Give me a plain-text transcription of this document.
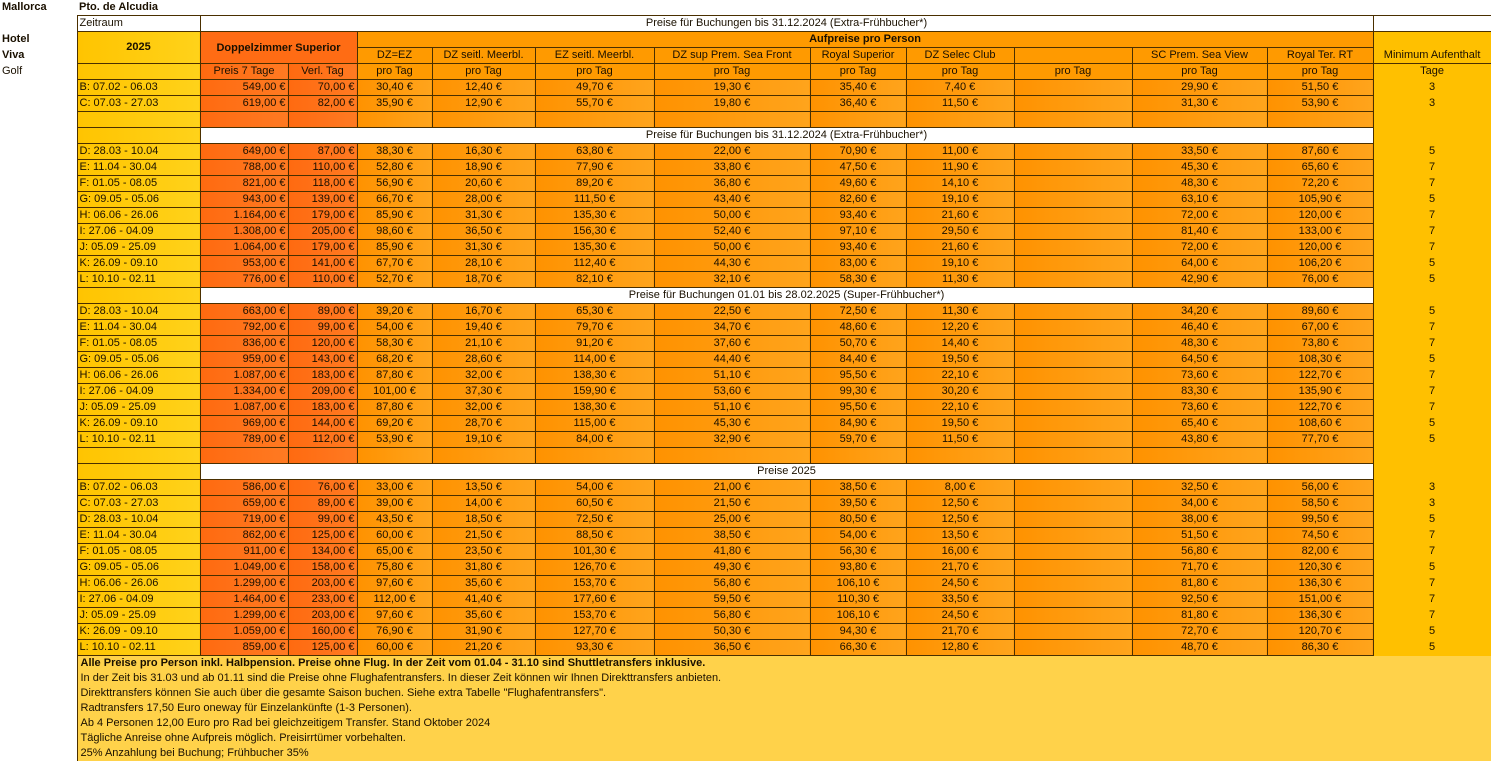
Mallorca	Pto. de Alcudia												
	Zeitraum	Preise für Buchungen bis 31.12.2024 (Extra-Frühbucher*)											
Hotel	2025	Doppelzimmer Superior		Aufpreise pro Person									Minimum Aufenthalt
Viva				DZ=EZ	DZ seitl. Meerbl.	EZ seitl. Meerbl.	DZ sup Prem. Sea Front	Royal Superior	DZ Selec Club		SC Prem. Sea View	Royal Ter. RT	
Golf		Preis 7 Tage	Verl. Tag	pro Tag	pro Tag	pro Tag	pro Tag	pro Tag	pro Tag	pro Tag	pro Tag	pro Tag	Tage
	B: 07.02 - 06.03	549,00 €	70,00 €	30,40 €	12,40 €	49,70 €	19,30 €	35,40 €	7,40 €		29,90 €	51,50 €	3
	C: 07.03 - 27.03	619,00 €	82,00 €	35,90 €	12,90 €	55,70 €	19,80 €	36,40 €	11,50 €		31,30 €	53,90 €	3

		Preise für Buchungen bis 31.12.2024 (Extra-Frühbucher*)											
	D: 28.03 - 10.04	649,00 €	87,00 €	38,30 €	16,30 €	63,80 €	22,00 €	70,90 €	11,00 €		33,50 €	87,60 €	5
	E: 11.04 - 30.04	788,00 €	110,00 €	52,80 €	18,90 €	77,90 €	33,80 €	47,50 €	11,90 €		45,30 €	65,60 €	7
	F: 01.05 - 08.05	821,00 €	118,00 €	56,90 €	20,60 €	89,20 €	36,80 €	49,60 €	14,10 €		48,30 €	72,20 €	7
	G: 09.05 - 05.06	943,00 €	139,00 €	66,70 €	28,00 €	111,50 €	43,40 €	82,60 €	19,10 €		63,10 €	105,90 €	5
	H: 06.06 - 26.06	1.164,00 €	179,00 €	85,90 €	31,30 €	135,30 €	50,00 €	93,40 €	21,60 €		72,00 €	120,00 €	7
	I: 27.06 - 04.09	1.308,00 €	205,00 €	98,60 €	36,50 €	156,30 €	52,40 €	97,10 €	29,50 €		81,40 €	133,00 €	7
	J: 05.09 - 25.09	1.064,00 €	179,00 €	85,90 €	31,30 €	135,30 €	50,00 €	93,40 €	21,60 €		72,00 €	120,00 €	7
	K: 26.09 - 09.10	953,00 €	141,00 €	67,70 €	28,10 €	112,40 €	44,30 €	83,00 €	19,10 €		64,00 €	106,20 €	5
	L: 10.10 - 02.11	776,00 €	110,00 €	52,70 €	18,70 €	82,10 €	32,10 €	58,30 €	11,30 €		42,90 €	76,00 €	5
		Preise für Buchungen 01.01 bis 28.02.2025 (Super-Frühbucher*)											
	D: 28.03 - 10.04	663,00 €	89,00 €	39,20 €	16,70 €	65,30 €	22,50 €	72,50 €	11,30 €		34,20 €	89,60 €	5
	E: 11.04 - 30.04	792,00 €	99,00 €	54,00 €	19,40 €	79,70 €	34,70 €	48,60 €	12,20 €		46,40 €	67,00 €	7
	F: 01.05 - 08.05	836,00 €	120,00 €	58,30 €	21,10 €	91,20 €	37,60 €	50,70 €	14,40 €		48,30 €	73,80 €	7
	G: 09.05 - 05.06	959,00 €	143,00 €	68,20 €	28,60 €	114,00 €	44,40 €	84,40 €	19,50 €		64,50 €	108,30 €	5
	H: 06.06 - 26.06	1.087,00 €	183,00 €	87,80 €	32,00 €	138,30 €	51,10 €	95,50 €	22,10 €		73,60 €	122,70 €	7
	I: 27.06 - 04.09	1.334,00 €	209,00 €	101,00 €	37,30 €	159,90 €	53,60 €	99,30 €	30,20 €		83,30 €	135,90 €	7
	J: 05.09 - 25.09	1.087,00 €	183,00 €	87,80 €	32,00 €	138,30 €	51,10 €	95,50 €	22,10 €		73,60 €	122,70 €	7
	K: 26.09 - 09.10	969,00 €	144,00 €	69,20 €	28,70 €	115,00 €	45,30 €	84,90 €	19,50 €		65,40 €	108,60 €	5
	L: 10.10 - 02.11	789,00 €	112,00 €	53,90 €	19,10 €	84,00 €	32,90 €	59,70 €	11,50 €		43,80 €	77,70 €	5

		Preise 2025											
	B: 07.02 - 06.03	586,00 €	76,00 €	33,00 €	13,50 €	54,00 €	21,00 €	38,50 €	8,00 €		32,50 €	56,00 €	3
	C: 07.03 - 27.03	659,00 €	89,00 €	39,00 €	14,00 €	60,50 €	21,50 €	39,50 €	12,50 €		34,00 €	58,50 €	3
	D: 28.03 - 10.04	719,00 €	99,00 €	43,50 €	18,50 €	72,50 €	25,00 €	80,50 €	12,50 €		38,00 €	99,50 €	5
	E: 11.04 - 30.04	862,00 €	125,00 €	60,00 €	21,50 €	88,50 €	38,50 €	54,00 €	13,50 €		51,50 €	74,50 €	7
	F: 01.05 - 08.05	911,00 €	134,00 €	65,00 €	23,50 €	101,30 €	41,80 €	56,30 €	16,00 €		56,80 €	82,00 €	7
	G: 09.05 - 05.06	1.049,00 €	158,00 €	75,80 €	31,80 €	126,70 €	49,30 €	93,80 €	21,70 €		71,70 €	120,30 €	5
	H: 06.06 - 26.06	1.299,00 €	203,00 €	97,60 €	35,60 €	153,70 €	56,80 €	106,10 €	24,50 €		81,80 €	136,30 €	7
	I: 27.06 - 04.09	1.464,00 €	233,00 €	112,00 €	41,40 €	177,60 €	59,50 €	110,30 €	33,50 €		92,50 €	151,00 €	7
	J: 05.09 - 25.09	1.299,00 €	203,00 €	97,60 €	35,60 €	153,70 €	56,80 €	106,10 €	24,50 €		81,80 €	136,30 €	7
	K: 26.09 - 09.10	1.059,00 €	160,00 €	76,90 €	31,90 €	127,70 €	50,30 €	94,30 €	21,70 €		72,70 €	120,70 €	5
	L: 10.10 - 02.11	859,00 €	125,00 €	60,00 €	21,20 €	93,30 €	36,50 €	66,30 €	12,80 €		48,70 €	86,30 €	5
	Alle Preise pro Person inkl. Halbpension. Preise ohne Flug. In der Zeit vom 01.04 - 31.10 sind Shuttletransfers inklusive.												
	In der Zeit bis 31.03 und ab 01.11 sind die Preise ohne Flughafentransfers. In dieser Zeit können wir Ihnen Direkttransfers anbieten.												
	Direkttransfers können Sie auch über die gesamte Saison buchen. Siehe extra Tabelle "Flughafentransfers".												
	Radtransfers 17,50 Euro oneway für Einzelankünfte (1-3 Personen).												
	Ab 4 Personen 12,00 Euro pro Rad bei gleichzeitigem Transfer. Stand Oktober 2024												
	Tägliche Anreise ohne Aufpreis möglich. Preisirrtümer vorbehalten.												
	25% Anzahlung bei Buchung; Frühbucher 35%												
